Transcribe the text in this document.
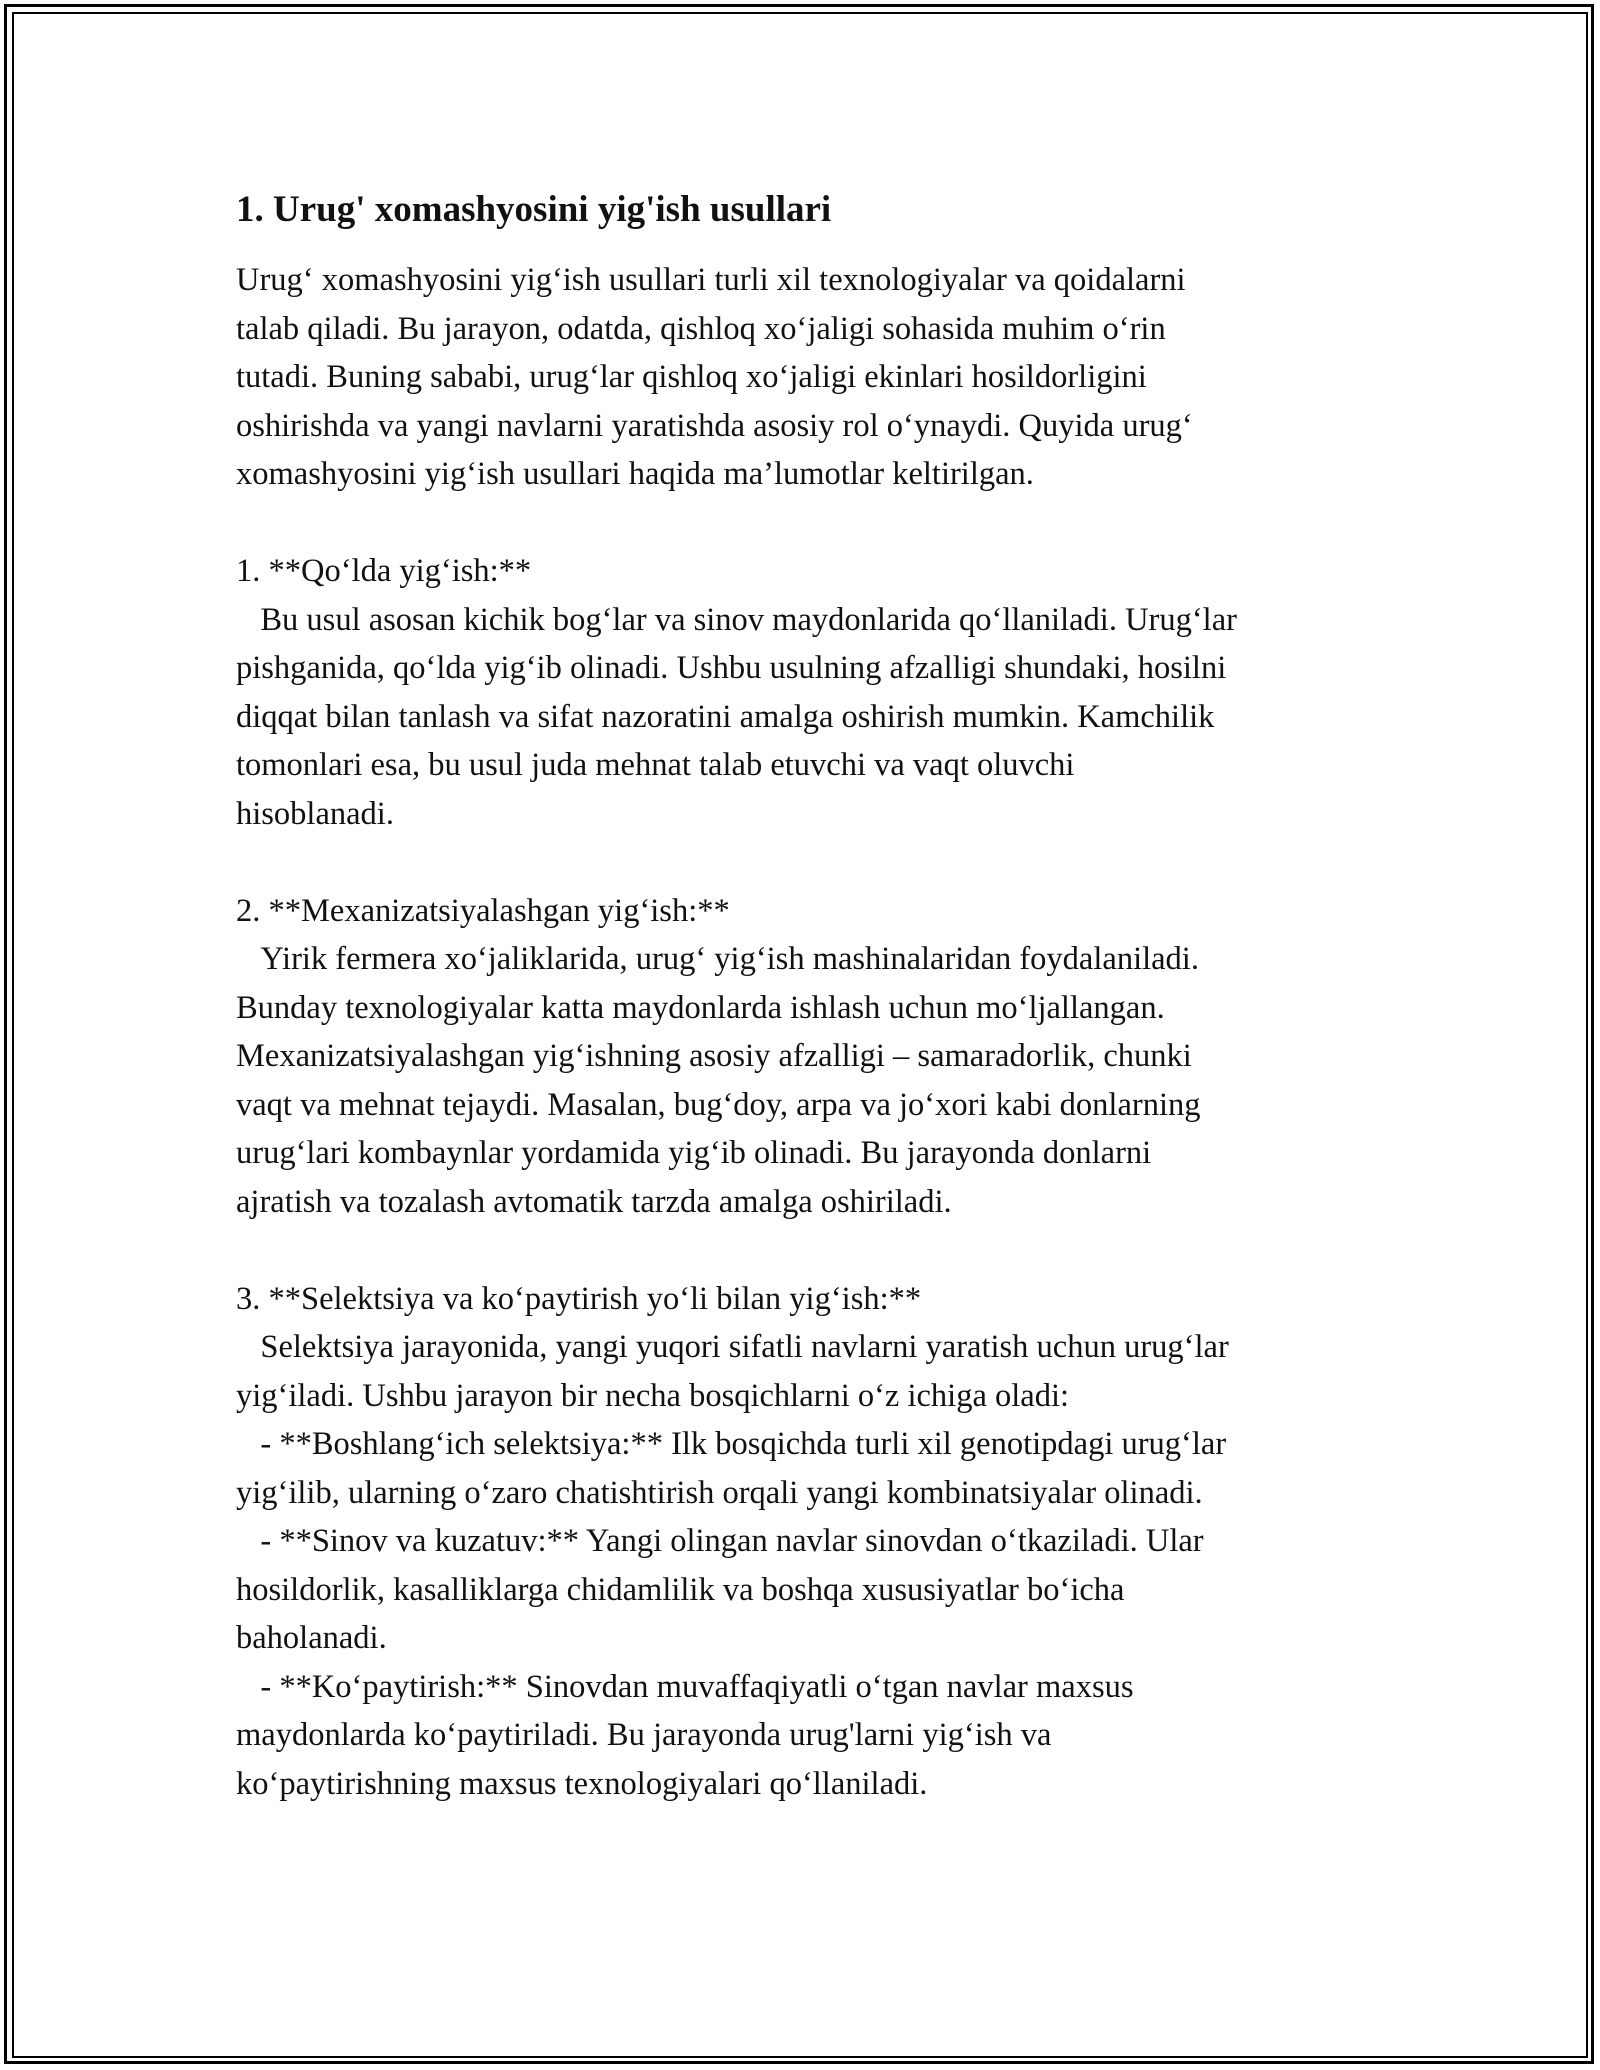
1. Urug' xomashyosini yig'ish usullari

Urug‘ xomashyosini yig‘ish usullari turli xil texnologiyalar va qoidalarni
talab qiladi. Bu jarayon, odatda, qishloq xo‘jaligi sohasida muhim o‘rin
tutadi. Buning sababi, urug‘lar qishloq xo‘jaligi ekinlari hosildorligini
oshirishda va yangi navlarni yaratishda asosiy rol o‘ynaydi. Quyida urug‘
xomashyosini yig‘ish usullari haqida ma’lumotlar keltirilgan.

1. **Qo‘lda yig‘ish:**
Bu usul asosan kichik bog‘lar va sinov maydonlarida qo‘llaniladi. Urug‘lar
pishganida, qo‘lda yig‘ib olinadi. Ushbu usulning afzalligi shundaki, hosilni
diqqat bilan tanlash va sifat nazoratini amalga oshirish mumkin. Kamchilik
tomonlari esa, bu usul juda mehnat talab etuvchi va vaqt oluvchi
hisoblanadi.

2. **Mexanizatsiyalashgan yig‘ish:**
Yirik fermera xo‘jaliklarida, urug‘ yig‘ish mashinalaridan foydalaniladi.
Bunday texnologiyalar katta maydonlarda ishlash uchun mo‘ljallangan.
Mexanizatsiyalashgan yig‘ishning asosiy afzalligi – samaradorlik, chunki
vaqt va mehnat tejaydi. Masalan, bug‘doy, arpa va jo‘xori kabi donlarning
urug‘lari kombaynlar yordamida yig‘ib olinadi. Bu jarayonda donlarni
ajratish va tozalash avtomatik tarzda amalga oshiriladi.

3. **Selektsiya va ko‘paytirish yo‘li bilan yig‘ish:**
Selektsiya jarayonida, yangi yuqori sifatli navlarni yaratish uchun urug‘lar
yig‘iladi. Ushbu jarayon bir necha bosqichlarni o‘z ichiga oladi:
- **Boshlang‘ich selektsiya:** Ilk bosqichda turli xil genotipdagi urug‘lar
yig‘ilib, ularning o‘zaro chatishtirish orqali yangi kombinatsiyalar olinadi.
- **Sinov va kuzatuv:** Yangi olingan navlar sinovdan o‘tkaziladi. Ular
hosildorlik, kasalliklarga chidamlilik va boshqa xususiyatlar bo‘icha
baholanadi.
- **Ko‘paytirish:** Sinovdan muvaffaqiyatli o‘tgan navlar maxsus
maydonlarda ko‘paytiriladi. Bu jarayonda urug'larni yig‘ish va
ko‘paytirishning maxsus texnologiyalari qo‘llaniladi.
